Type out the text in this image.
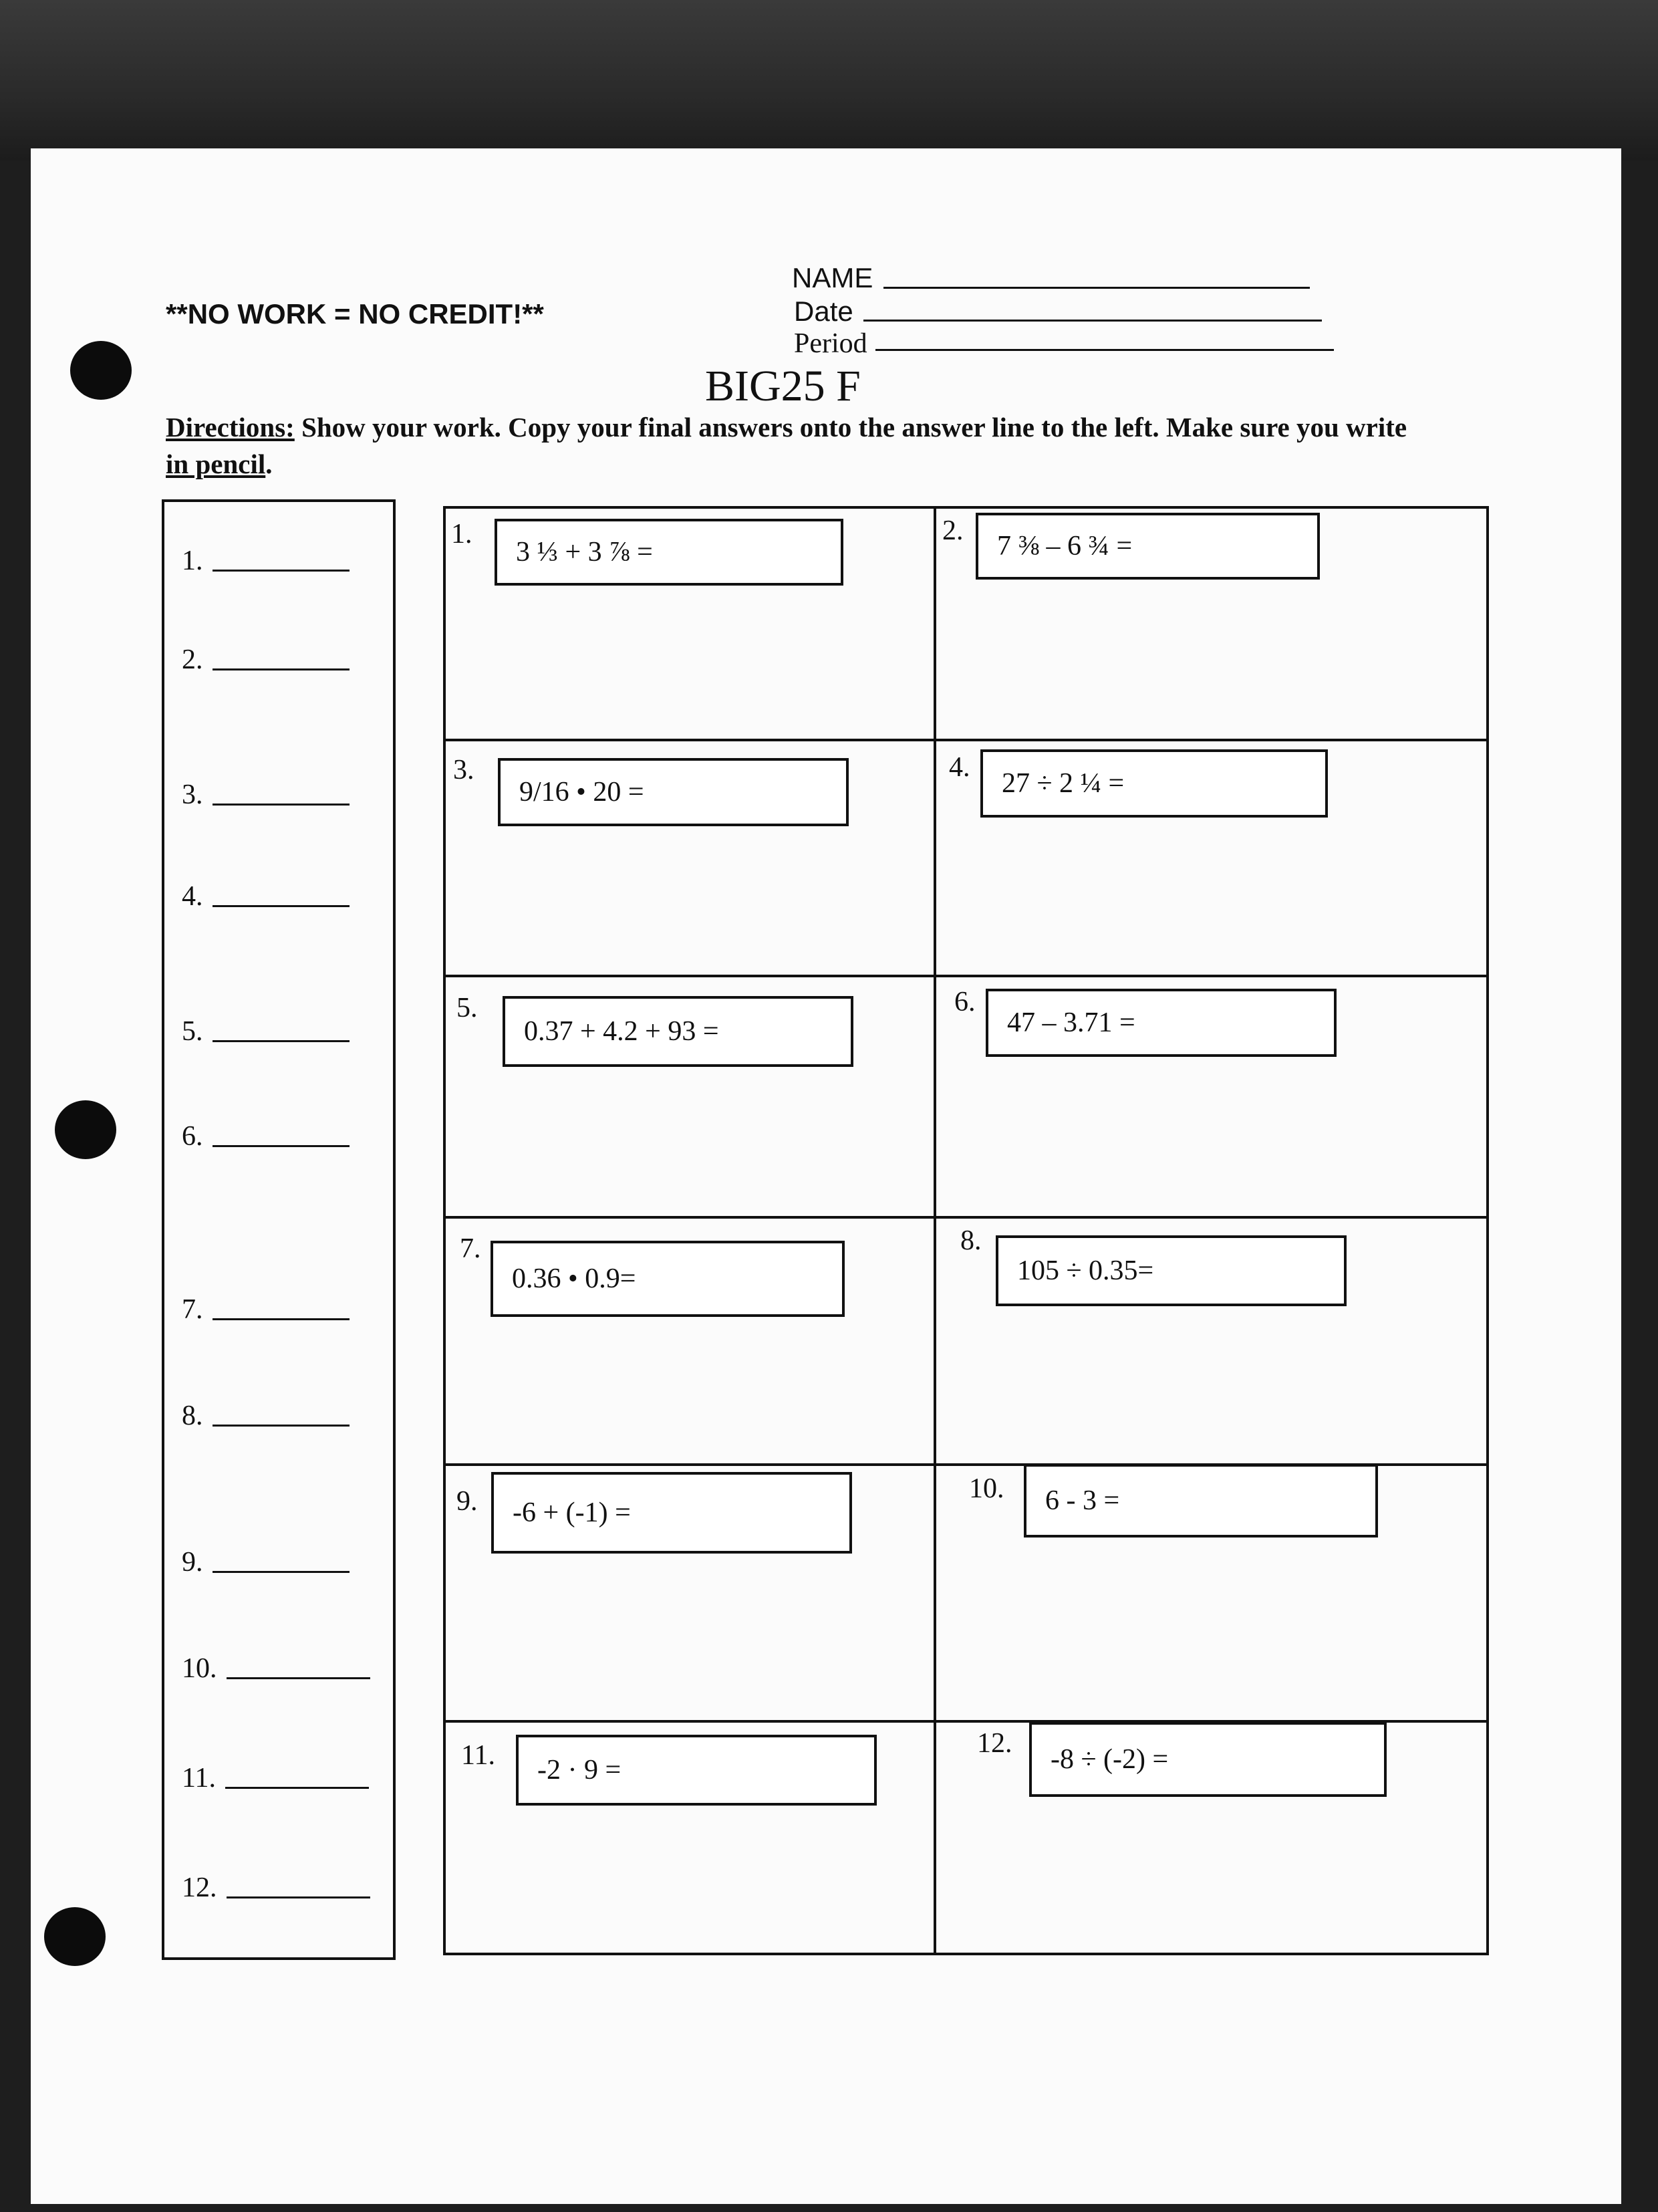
**NO WORK = NO CREDIT!**
NAME
Date
Period
BIG25 F
Directions: Show your work. Copy your final answers onto the answer line to the left. Make sure you write in pencil.
1.
2.
3.
4.
5.
6.
7.
8.
9.
10.
11.
12.
1.
3 ⅓ + 3 ⅞ =
2. 7 ⅜ – 6 ¾ =
3.
9/16 • 20 =
4.
27 ÷ 2 ¼ =
5.
0.37 + 4.2 + 93 =
6.
47 – 3.71 =
7.
0.36 • 0.9=
8.
105 ÷ 0.35=
9. -6 + (-1) =
10. 6 - 3 =
11. -2 · 9 =
12.
-8 ÷ (-2) =
